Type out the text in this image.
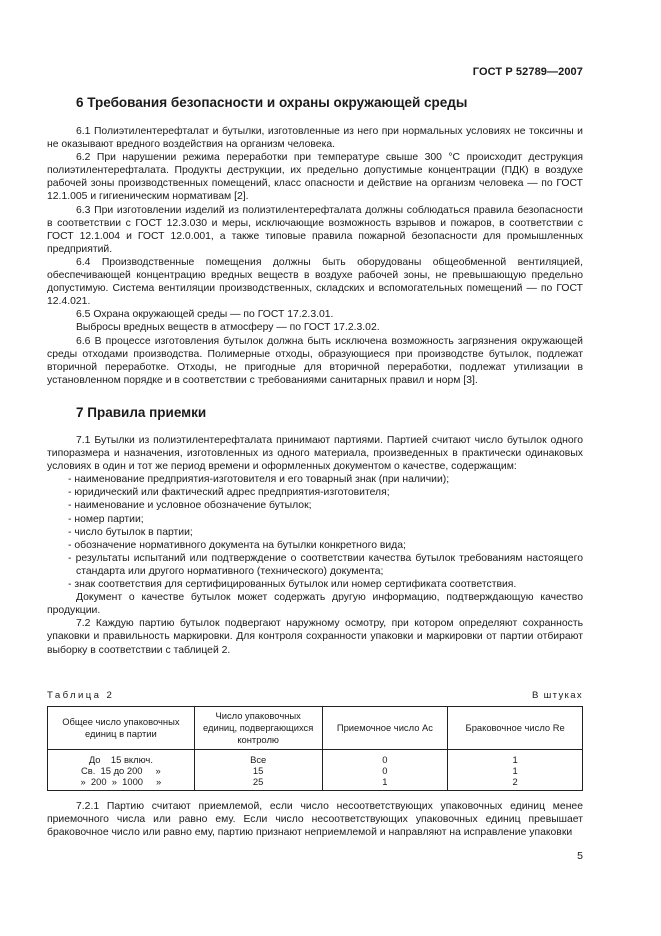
ГОСТ Р 52789—2007
6 Требования безопасности и охраны окружающей среды

6.1 Полиэтилентерефталат и бутылки, изготовленные из него при нормальных условиях не токсичны и не оказывают вредного воздействия на организм человека.

6.2 При нарушении режима переработки при температуре свыше 300 °С происходит деструкция полиэтилентерефталата. Продукты деструкции, их предельно допустимые концентрации (ПДК) в воздухе рабочей зоны производственных помещений, класс опасности и действие на организм человека — по ГОСТ 12.1.005 и гигиеническим нормативам [2].

6.3 При изготовлении изделий из полиэтилентерефталата должны соблюдаться правила безопасности в соответствии с ГОСТ 12.3.030 и меры, исключающие возможность взрывов и пожаров, в соответствии с ГОСТ 12.1.004 и ГОСТ 12.0.001, а также типовые правила пожарной безопасности для промышленных предприятий.

6.4 Производственные помещения должны быть оборудованы общеобменной вентиляцией, обеспечивающей концентрацию вредных веществ в воздухе рабочей зоны, не превышающую предельно допустимую. Система вентиляции производственных, складских и вспомогательных помещений — по ГОСТ 12.4.021.

6.5 Охрана окружающей среды — по ГОСТ 17.2.3.01.

Выбросы вредных веществ в атмосферу — по ГОСТ 17.2.3.02.

6.6 В процессе изготовления бутылок должна быть исключена возможность загрязнения окружающей среды отходами производства. Полимерные отходы, образующиеся при производстве бутылок, подлежат вторичной переработке. Отходы, не пригодные для вторичной переработки, подлежат утилизации в установленном порядке и в соответствии с требованиями санитарных правил и норм [3].

7 Правила приемки

7.1 Бутылки из полиэтилентерефталата принимают партиями. Партией считают число бутылок одного типоразмера и назначения, изготовленных из одного материала, произведенных в практически одинаковых условиях в один и тот же период времени и оформленных документом о качестве, содержащим:

- наименование предприятия-изготовителя и его товарный знак (при наличии);
- юридический или фактический адрес предприятия-изготовителя;
- наименование и условное обозначение бутылок;
- номер партии;
- число бутылок в партии;
- обозначение нормативного документа на бутылки конкретного вида;
- результаты испытаний или подтверждение о соответствии качества бутылок требованиям настоящего стандарта или другого нормативного (технического) документа;
- знак соответствия для сертифицированных бутылок или номер сертификата соответствия.

Документ о качестве бутылок может содержать другую информацию, подтверждающую качество продукции.

7.2 Каждую партию бутылок подвергают наружному осмотру, при котором определяют сохранность упаковки и правильность маркировки. Для контроля сохранности упаковки и маркировки от партии отбирают выборку в соответствии с таблицей 2.

Таблица 2	В штуках
Общее число упаковочных единиц в партии	Число упаковочных единиц, подвергающихся контролю	Приемочное число Ас	Браковочное число Re
До    15 включ.	Все	0	1
Св.  15 до 200     »	15	0	1
»  200  »  1000     »	25	1	2

7.2.1 Партию считают приемлемой, если число несоответствующих упаковочных единиц менее приемочного числа или равно ему. Если число несоответствующих упаковочных единиц превышает браковочное число или равно ему, партию признают неприемлемой и направляют на исправление упаковки

5
